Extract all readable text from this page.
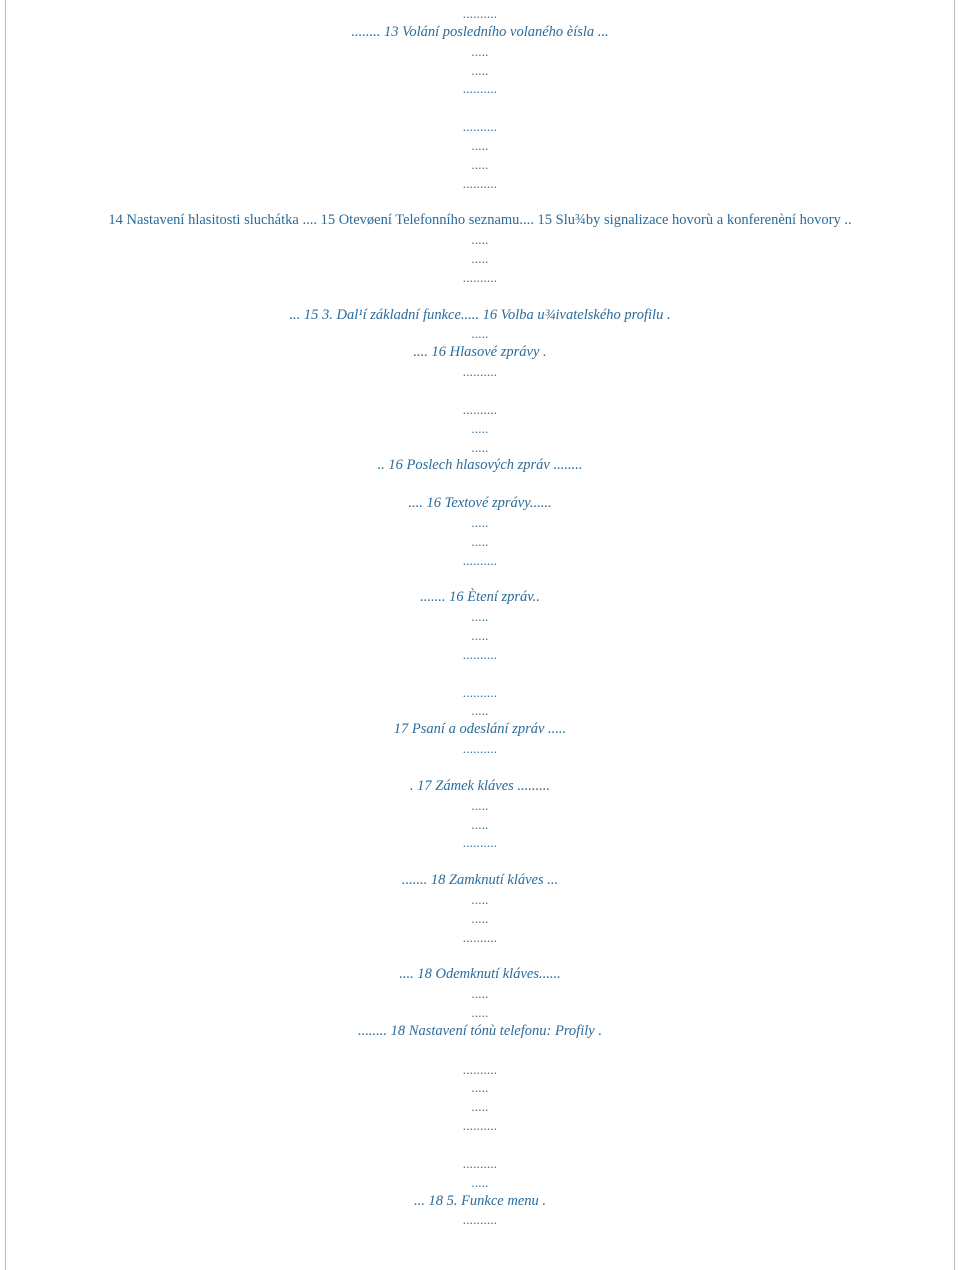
..........
........ 13 Volání posledního volaného èísla ...
.....
.....
..........
..........
.....
.....
..........
14 Nastavení hlasitosti sluchátka .... 15 Otevøení Telefonního seznamu.... 15 Slu¾by signalizace hovorù a konferenèní hovory ..
.....
.....
..........
... 15 3. Dal¹í základní funkce..... 16 Volba u¾ivatelského profilu .
.....
.... 16 Hlasové zprávy .
..........
..........
.....
.....
.. 16 Poslech hlasových zpráv ........
.... 16 Textové zprávy......
.....
.....
..........
....... 16 Ètení zpráv..
.....
.....
..........
..........
.....
17 Psaní a odeslání zpráv .....
..........
. 17 Zámek kláves .........
.....
.....
..........
....... 18 Zamknutí kláves ...
.....
.....
..........
.... 18 Odemknutí kláves......
.....
.....
........ 18 Nastavení tónù telefonu: Profily .
..........
.....
.....
..........
..........
.....
... 18 5. Funkce menu .
..........
